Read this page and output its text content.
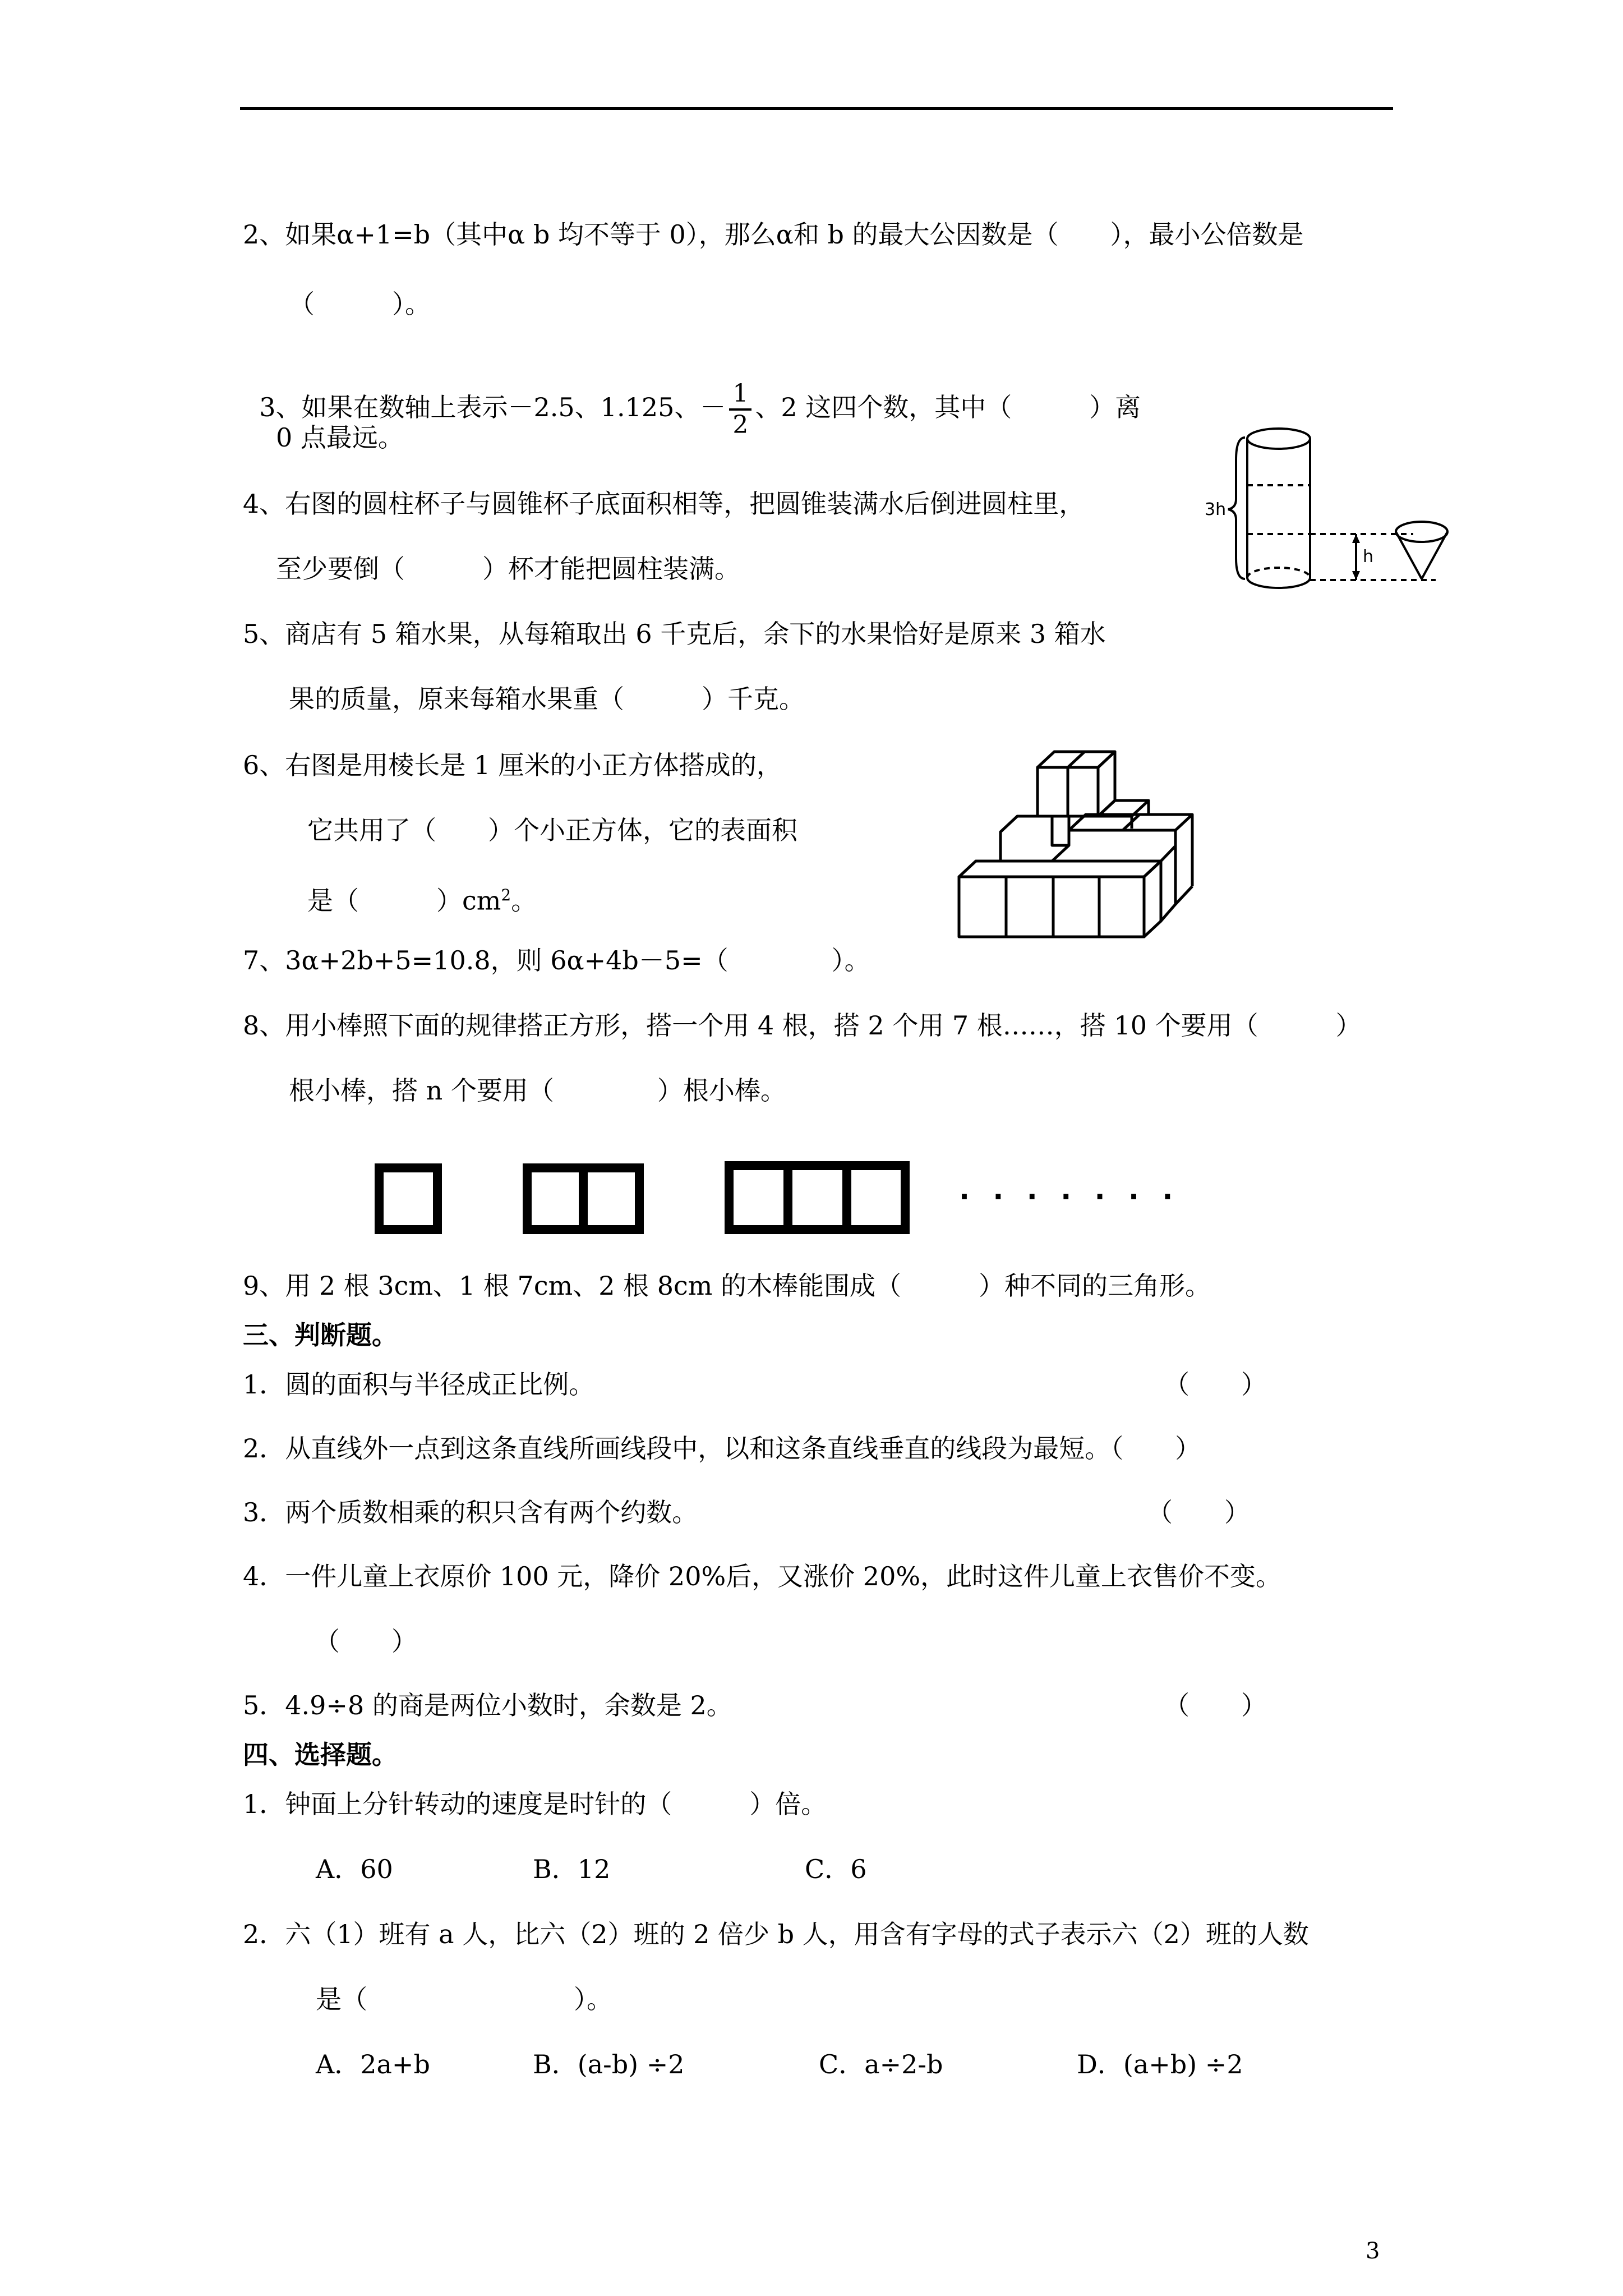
2、如果α+1=b（其中α b 均不等于 0），那么α和 b 的最大公因数是（　　），最小公倍数是
（　　　）。

3、如果在数轴上表示－2.5、1.125、－ $\frac{1}{2}$ 、2 这四个数，其中（　　　）离

0 点最远。
4、右图的圆柱杯子与圆锥杯子底面积相等，把圆锥装满水后倒进圆柱里，
至少要倒（　　　）杯才能把圆柱装满。
5、商店有 5 箱水果，从每箱取出 6 千克后，余下的水果恰好是原来 3 箱水
果的质量，原来每箱水果重（　　　）千克。
6、右图是用棱长是 1 厘米的小正方体搭成的，
它共用了（　　）个小正方体，它的表面积
是（　　　）$cm^2$。
7、3α+2b+5=10.8，则 6α+4b－5=（　　　　）。
8、用小棒照下面的规律搭正方形，搭一个用 4 根，搭 2 个用 7 根……，搭 10 个要用（　　　）
根小棒，搭 n 个要用（　　　　）根小棒。
9、用 2 根 3cm、1 根 7cm、2 根 8cm 的木棒能围成（　　　）种不同的三角形。
三、判断题。
1．圆的面积与半径成正比例。	（　　）
2．从直线外一点到这条直线所画线段中，以和这条直线垂直的线段为最短。（　　）
3．两个质数相乘的积只含有两个约数。	（　　）
4．一件儿童上衣原价 100 元，降价 20%后，又涨价 20%，此时这件儿童上衣售价不变。
（　　）
5．4.9÷8 的商是两位小数时，余数是 2。	（　　）
四、选择题。
1．钟面上分针转动的速度是时针的（　　　）倍。
A．60	B．12	C．6
2．六（1）班有 a 人，比六（2）班的 2 倍少 b 人，用含有字母的式子表示六（2）班的人数
是（　　　　　　　　）。
A．2a+b	B．(a-b) ÷2	C．a÷2-b	D．(a+b) ÷2
3h
h
· · · · · · ·
3
